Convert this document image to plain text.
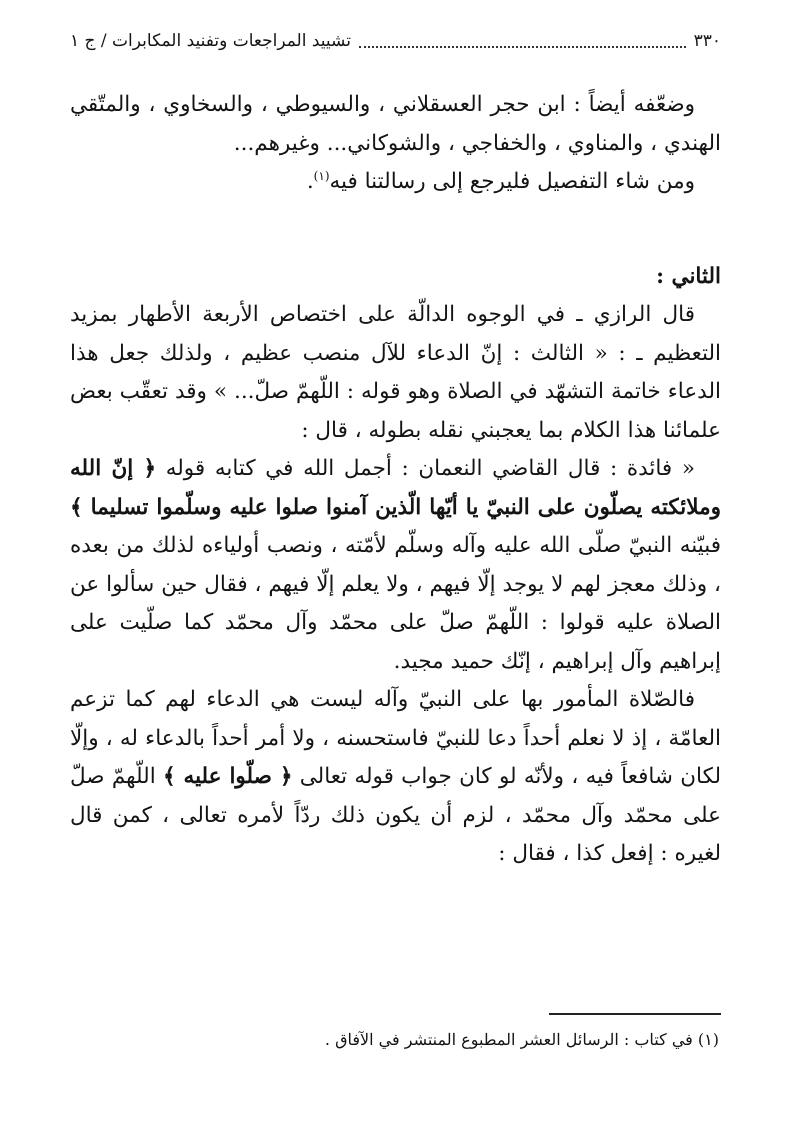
٣٣٠
تشييد المراجعات وتفنيد المكابرات / ج ١

وضعّفه أيضاً : ابن حجر العسقلاني ، والسيوطي ، والسخاوي ، والمتّقي الهندي ، والمناوي ، والخفاجي ، والشوكاني... وغيرهم...

ومن شاء التفصيل فليرجع إلى رسالتنا فيه$^{(١)}$.

الثاني :

قال الرازي ـ في الوجوه الدالّة على اختصاص الأربعة الأطهار بمزيد التعظيم ـ : « الثالث : إنّ الدعاء للآل منصب عظيم ، ولذلك جعل هذا الدعاء خاتمة التشهّد في الصلاة وهو قوله : اللّهمّ صلّ... » وقد تعقّب بعض علمائنا هذا الكلام بما يعجبني نقله بطوله ، قال :

« فائدة : قال القاضي النعمان : أجمل الله في كتابه قوله ﴿ إنّ الله وملائكته يصلّون على النبيّ يا أيّها الّذين آمنوا صلوا عليه وسلّموا تسليما ﴾ فبيّنه النبيّ صلّى الله عليه وآله وسلّم لأمّته ، ونصب أولياءه لذلك من بعده ، وذلك معجز لهم لا يوجد إلّا فيهم ، ولا يعلم إلّا فيهم ، فقال حين سألوا عن الصلاة عليه قولوا : اللّهمّ صلّ على محمّد وآل محمّد كما صلّيت على إبراهيم وآل إبراهيم ، إنّك حميد مجيد.

فالصّلاة المأمور بها على النبيّ وآله ليست هي الدعاء لهم كما تزعم العامّة ، إذ لا نعلم أحداً دعا للنبيّ فاستحسنه ، ولا أمر أحداً بالدعاء له ، وإلّا لكان شافعاً فيه ، ولأنّه لو كان جواب قوله تعالى ﴿ صلّوا عليه ﴾ اللّهمّ صلّ على محمّد وآل محمّد ، لزم أن يكون ذلك ردّاً لأمره تعالى ، كمن قال لغيره : إفعل كذا ، فقال :

(١) في كتاب : الرسائل العشر المطبوع المنتشر في الآفاق .
